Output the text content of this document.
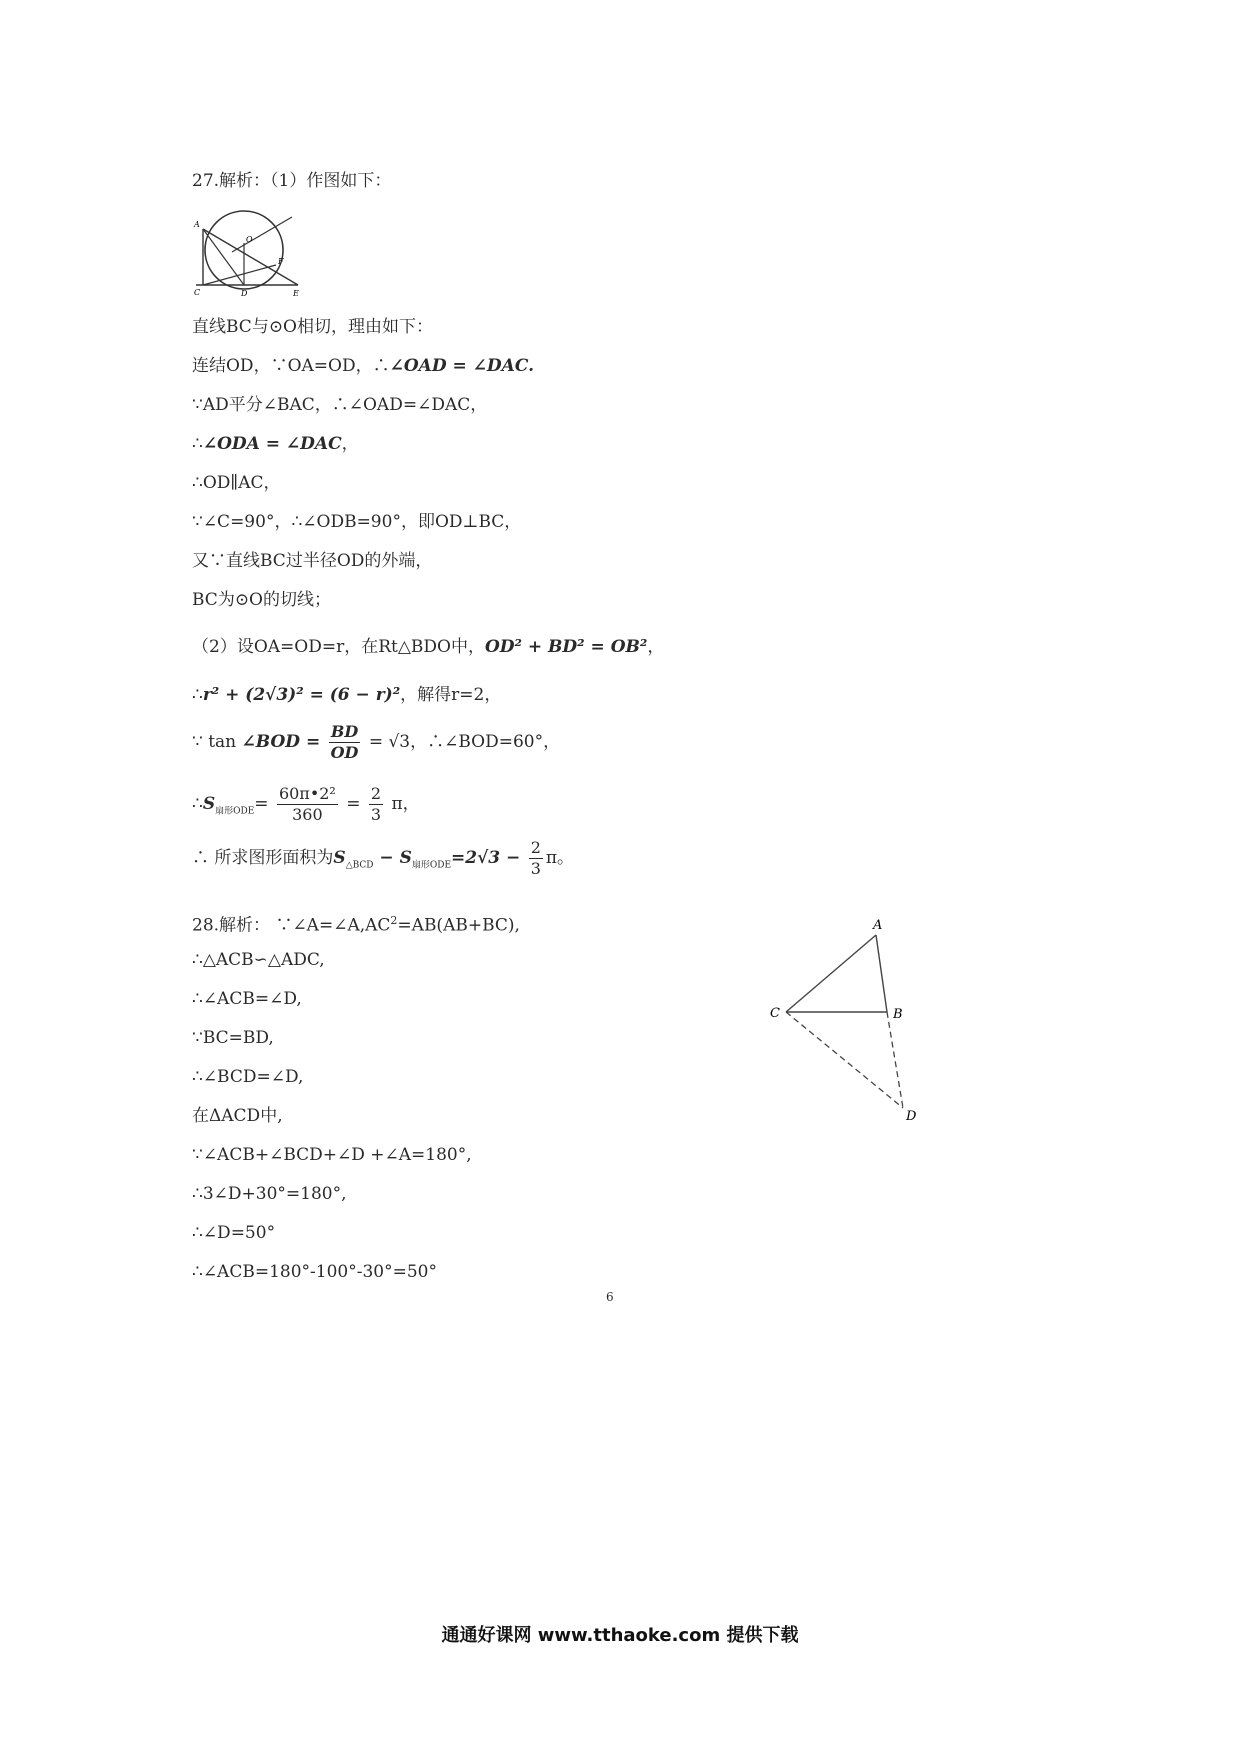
27.解析：（1）作图如下：
A
O
C	D
F
E
直线BC与⊙O相切，理由如下：
连结OD，∵OA=OD，∴∠OAD = ∠DAC.
∵AD平分∠BAC，∴∠OAD=∠DAC，
∴∠ODA = ∠DAC，
∴OD∥AC，
∵∠C=90°，∴∠ODB=90°，即OD⊥BC，
又∵直线BC过半径OD的外端，
BC为⊙O的切线；
（2）设OA=OD=r，在Rt△BDO中，OD² + BD² = OB²，
∴r² + (2√3)² = (6 − r)²，解得r=2，
∵ tan ∠BOD = $\frac{BD}{OD} = √3$，∴∠BOD=60°，
$\therefore S_{扇形ODE}= \frac{\text{60π•2²}}{360} = \frac{2}{3}$ π，
∴ 所求图形面积为$S_{\triangle BCD} - S_{扇形ODE}=2√3 - \frac{2}{3}$ π。
28.解析： $\because\angle A=\angle A,AC^2=AB(AB+BC)$,
∴△ACB∽△ADC,
∴∠ACB=∠D,
∵BC=BD,
∴∠BCD=∠D,
在ΔACD中,
∵∠ACB+∠BCD+∠D +∠A=180°,
∴3∠D+30°=180°,
∴∠D=50°
∴∠ACB=180°-100°-30°=50°
A
B
C
D
6
通通好课网 www.tthaoke.com 提供下载
